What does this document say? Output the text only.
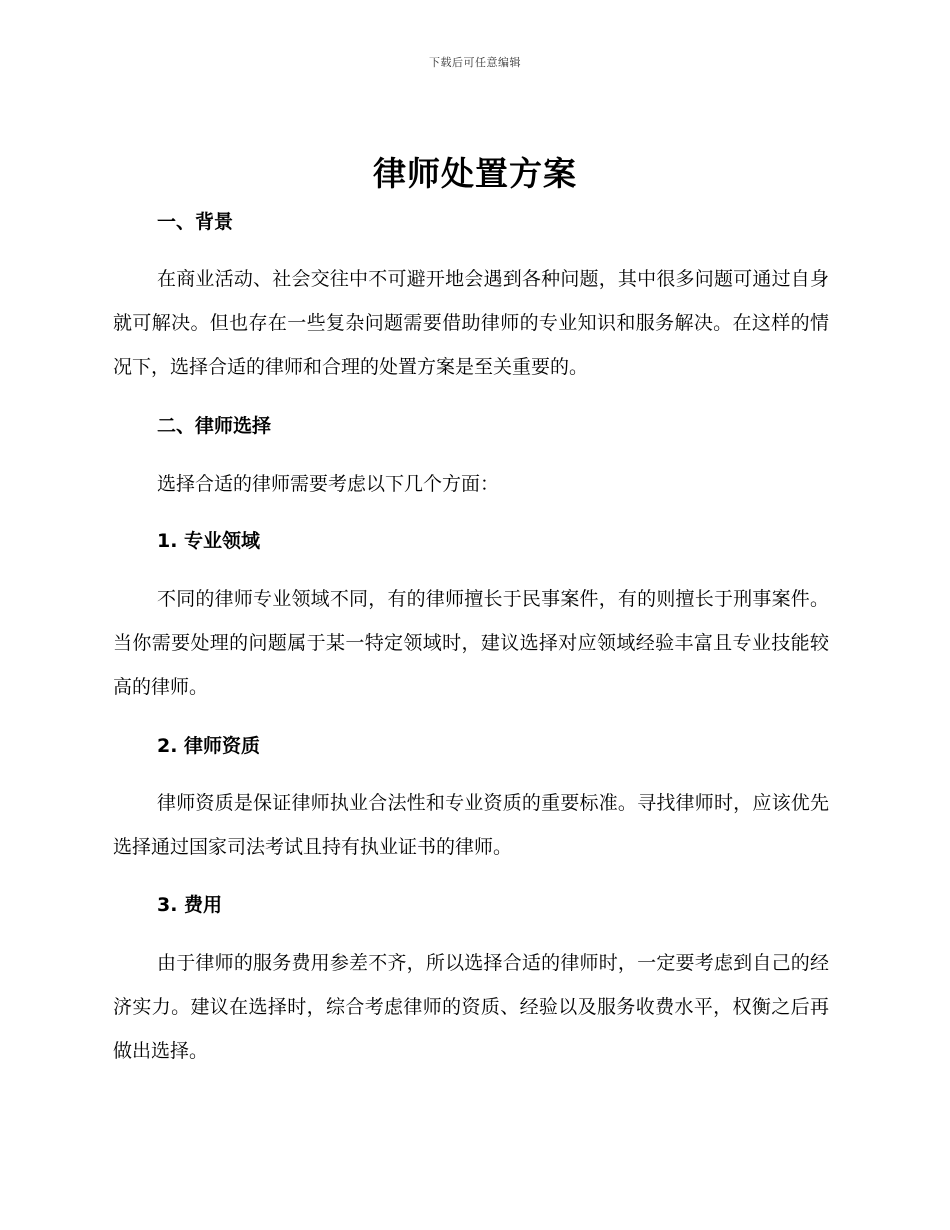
下载后可任意编辑
律师处置方案
一、背景

在商业活动、社会交往中不可避开地会遇到各种问题，其中很多问题可通过自身就可解决。但也存在一些复杂问题需要借助律师的专业知识和服务解决。在这样的情况下，选择合适的律师和合理的处置方案是至关重要的。

二、律师选择

选择合适的律师需要考虑以下几个方面：

1. 专业领域

不同的律师专业领域不同，有的律师擅长于民事案件，有的则擅长于刑事案件。当你需要处理的问题属于某一特定领域时，建议选择对应领域经验丰富且专业技能较高的律师。

2. 律师资质

律师资质是保证律师执业合法性和专业资质的重要标准。寻找律师时，应该优先选择通过国家司法考试且持有执业证书的律师。

3. 费用

由于律师的服务费用参差不齐，所以选择合适的律师时，一定要考虑到自己的经济实力。建议在选择时，综合考虑律师的资质、经验以及服务收费水平，权衡之后再做出选择。
